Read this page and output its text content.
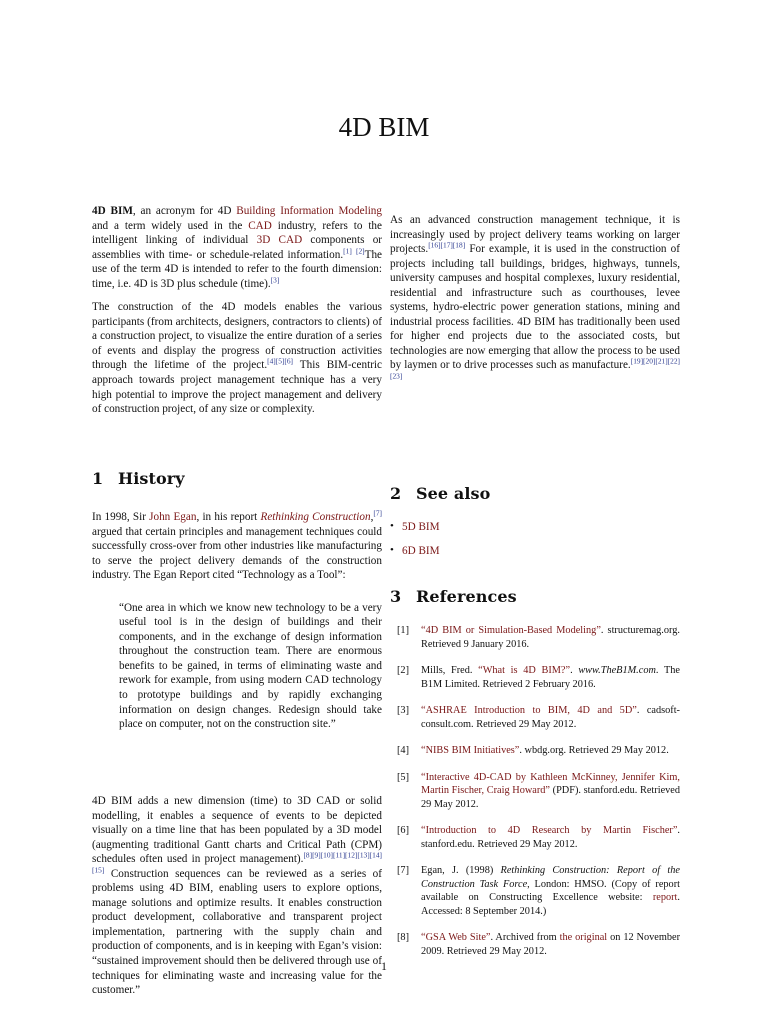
4D BIM

4D BIM, an acronym for 4D Building Information Modeling and a term widely used in the CAD industry, refers to the intelligent linking of individual 3D CAD components or assemblies with time- or schedule-related information.[1] [2]The use of the term 4D is intended to refer to the fourth dimension: time, i.e. 4D is 3D plus schedule (time).[3]

The construction of the 4D models enables the various participants (from architects, designers, contractors to clients) of a construction project, to visualize the entire duration of a series of events and display the progress of construction activities through the lifetime of the project.[4][5][6] This BIM-centric approach towards project management technique has a very high potential to improve the project management and delivery of construction project, of any size or complexity.

1 History

In 1998, Sir John Egan, in his report Rethinking Construction,[7] argued that certain principles and management techniques could successfully cross-over from other industries like manufacturing to serve the project delivery demands of the construction industry. The Egan Report cited “Technology as a Tool”:

“One area in which we know new technology to be a very useful tool is in the design of buildings and their components, and in the exchange of design information throughout the construction team. There are enormous benefits to be gained, in terms of eliminating waste and rework for example, from using modern CAD technology to prototype buildings and by rapidly exchanging information on design changes. Redesign should take place on computer, not on the construction site.”

4D BIM adds a new dimension (time) to 3D CAD or solid modelling, it enables a sequence of events to be depicted visually on a time line that has been populated by a 3D model (augmenting traditional Gantt charts and Critical Path (CPM) schedules often used in project management).[8][9][10][11][12][13][14][15] Construction sequences can be reviewed as a series of problems using 4D BIM, enabling users to explore options, manage solutions and optimize results. It enables construction product development, collaborative and transparent project implementation, partnering with the supply chain and production of components, and is in keeping with Egan’s vision: “sustained improvement should then be delivered through use of techniques for eliminating waste and increasing value for the customer.”

As an advanced construction management technique, it is increasingly used by project delivery teams working on larger projects.[16][17][18] For example, it is used in the construction of projects including tall buildings, bridges, highways, tunnels, university campuses and hospital complexes, luxury residential, residential and infrastructure such as courthouses, levee systems, hydro-electric power generation stations, mining and industrial process facilities. 4D BIM has traditionally been used for higher end projects due to the associated costs, but technologies are now emerging that allow the process to be used by laymen or to drive processes such as manufacture.[19][20][21][22][23]

2 See also
• 5D BIM
• 6D BIM
3 References
[1] “4D BIM or Simulation-Based Modeling”. structuremag.org. Retrieved 9 January 2016.
[2] Mills, Fred. “What is 4D BIM?”. www.TheB1M.com. The B1M Limited. Retrieved 2 February 2016.
[3] “ASHRAE Introduction to BIM, 4D and 5D”. cadsoft-consult.com. Retrieved 29 May 2012.
[4] “NIBS BIM Initiatives”. wbdg.org. Retrieved 29 May 2012.
[5] “Interactive 4D-CAD by Kathleen McKinney, Jennifer Kim, Martin Fischer, Craig Howard” (PDF). stanford.edu. Retrieved 29 May 2012.
[6] “Introduction to 4D Research by Martin Fischer”. stanford.edu. Retrieved 29 May 2012.
[7] Egan, J. (1998) Rethinking Construction: Report of the Construction Task Force, London: HMSO. (Copy of report available on Constructing Excellence website: report. Accessed: 8 September 2014.)
[8] “GSA Web Site”. Archived from the original on 12 November 2009. Retrieved 29 May 2012.
1
